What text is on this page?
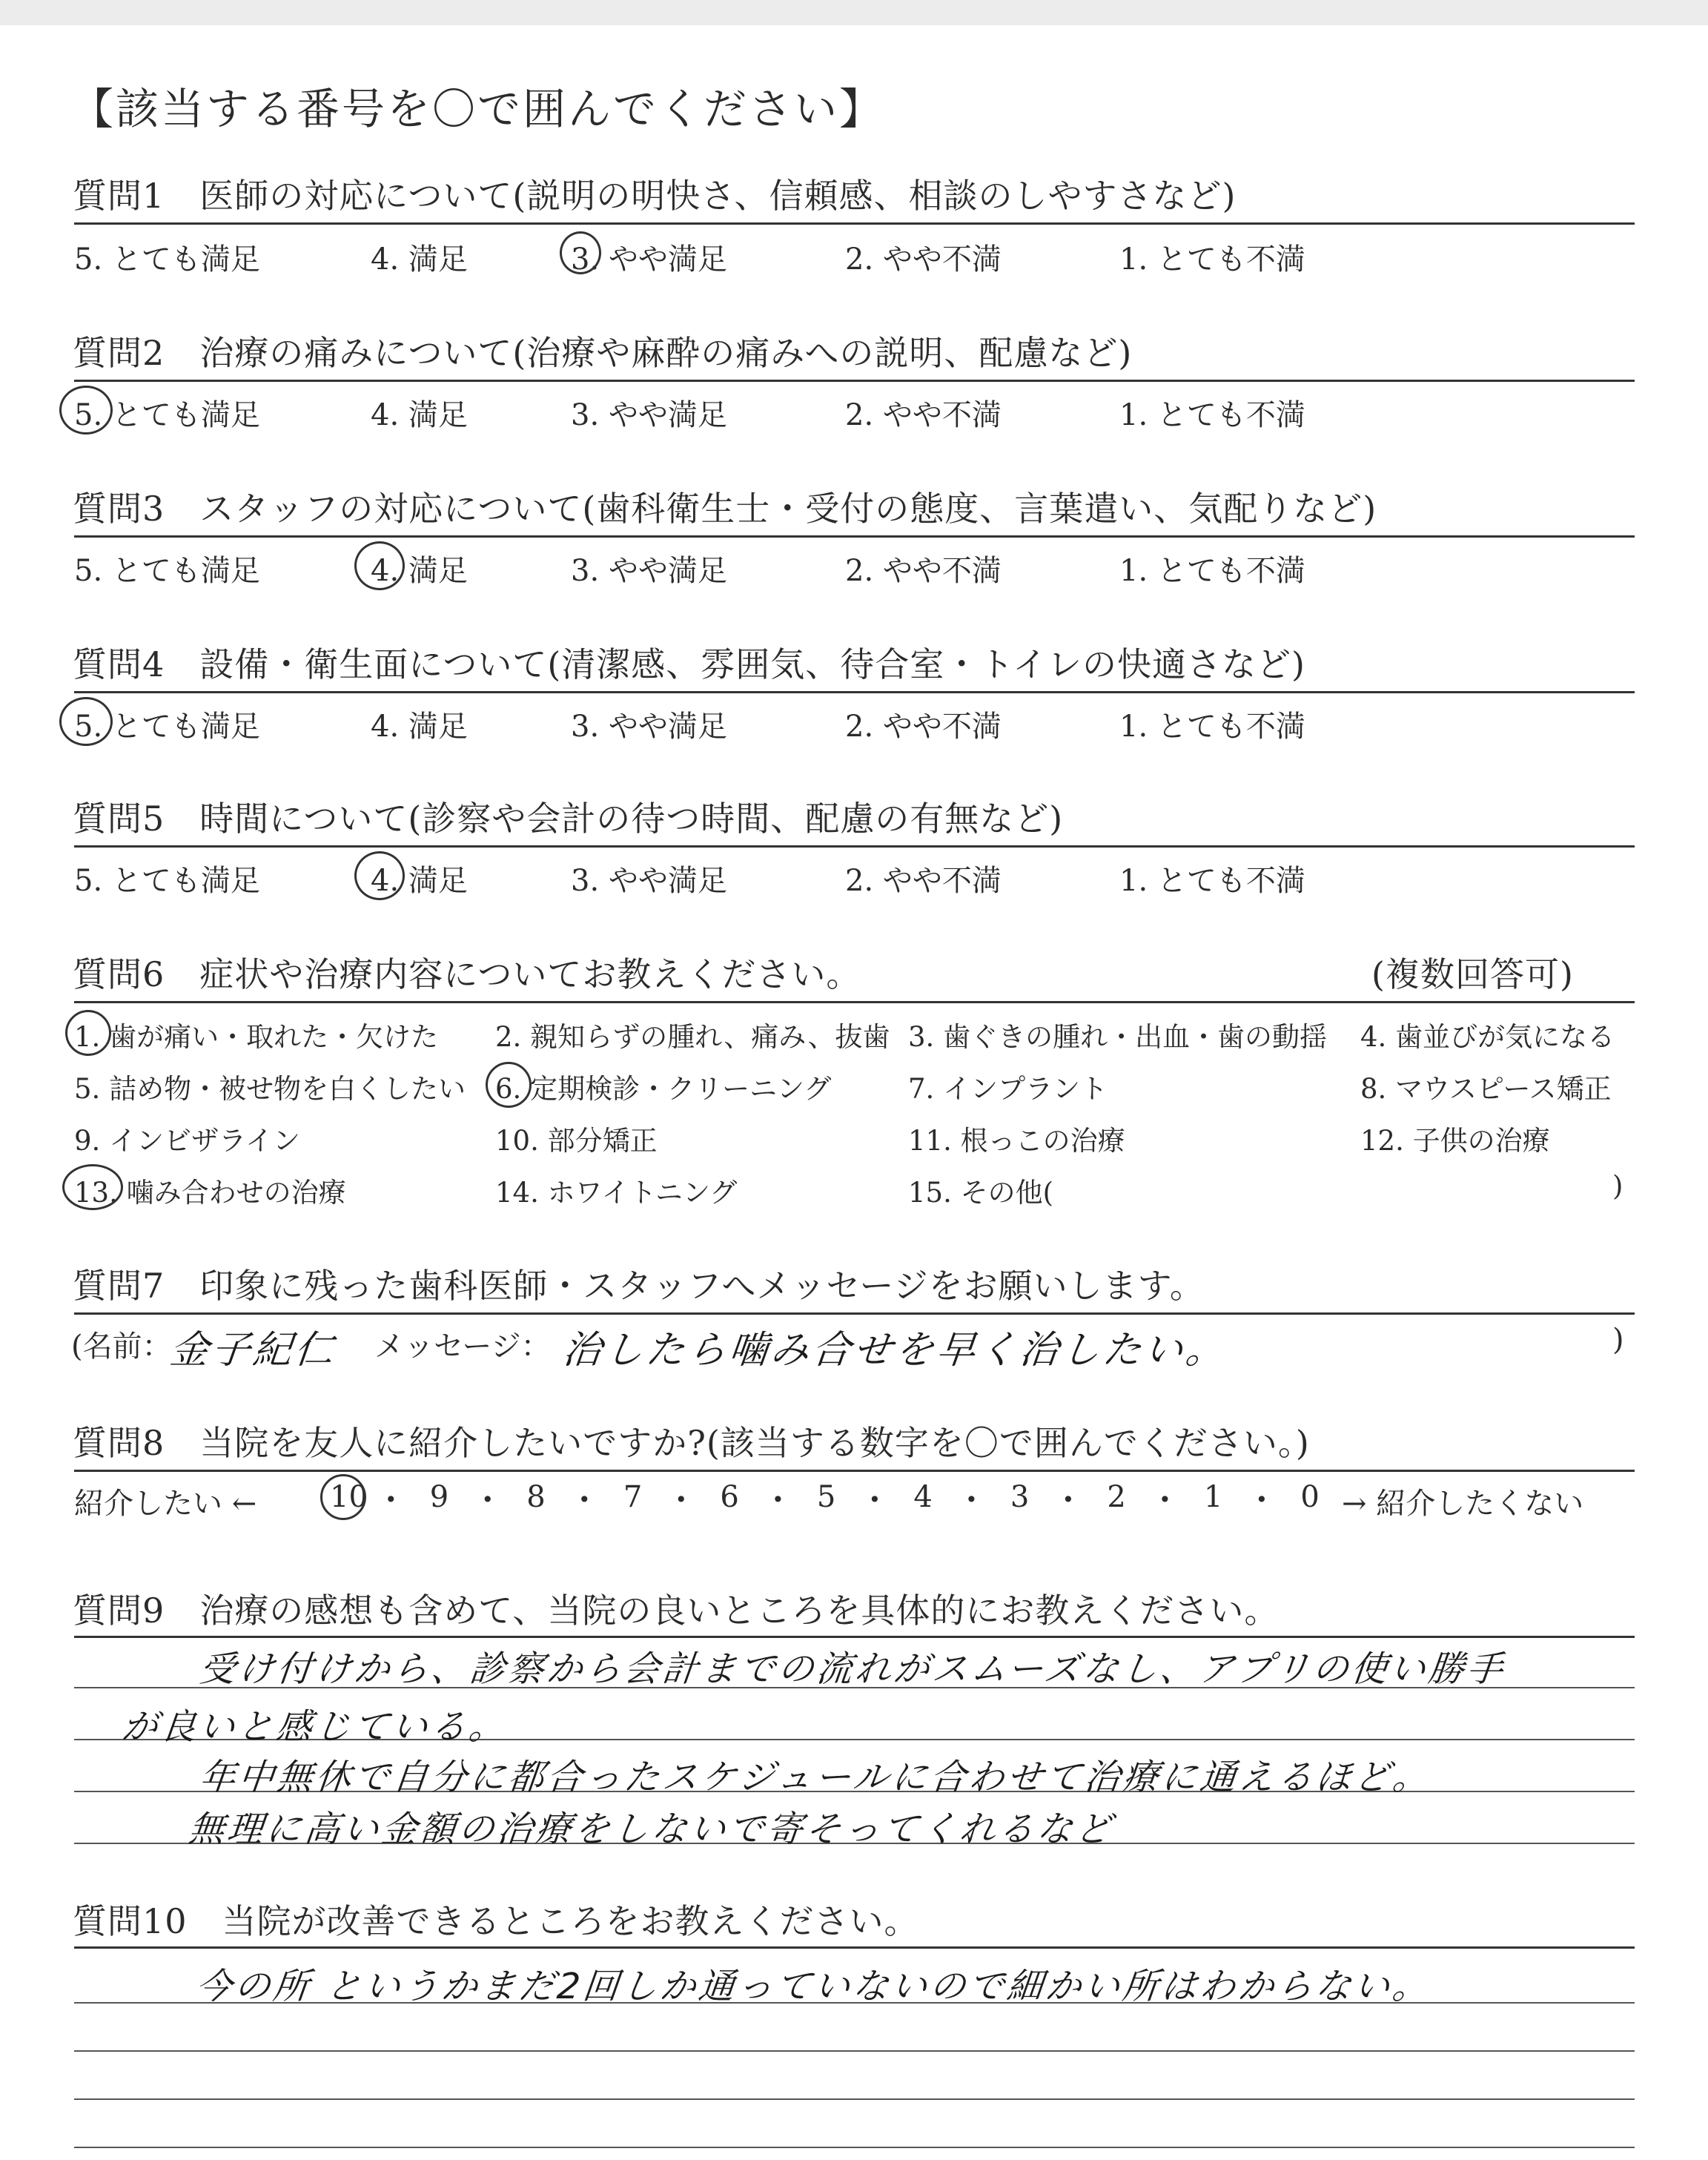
【該当する番号を〇で囲んでください】
質問1　医師の対応について(説明の明快さ、信頼感、相談のしやすさなど)
5. とても満足	4. 満足	3. やや満足	2. やや不満	1. とても不満
質問2　治療の痛みについて(治療や麻酔の痛みへの説明、配慮など)
5. とても満足	4. 満足	3. やや満足	2. やや不満	1. とても不満
質問3　スタッフの対応について(歯科衛生士・受付の態度、言葉遣い、気配りなど)
5. とても満足	4. 満足	3. やや満足	2. やや不満	1. とても不満
質問4　設備・衛生面について(清潔感、雰囲気、待合室・トイレの快適さなど)
5. とても満足	4. 満足	3. やや満足	2. やや不満	1. とても不満
質問5　時間について(診察や会計の待つ時間、配慮の有無など)
5. とても満足	4. 満足	3. やや満足	2. やや不満	1. とても不満
質問6　症状や治療内容についてお教えください。	(複数回答可)
1. 歯が痛い・取れた・欠けた 2. 親知らずの腫れ、痛み、抜歯 3. 歯ぐきの腫れ・出血・歯の動揺 4. 歯並びが気になる
5. 詰め物・被せ物を白くしたい 6. 定期検診・クリーニング	7. インプラント	8. マウスピース矯正
9. インビザライン	10. 部分矯正	11. 根っこの治療	12. 子供の治療
13. 噛み合わせの治療	14. ホワイトニング	15. その他(	)
質問7　印象に残った歯科医師・スタッフへメッセージをお願いします。
(名前：
金子紀仁 メッセージ： 治したら噛み合せを早く治したい。	)
質問8　当院を友人に紹介したいですか?(該当する数字を〇で囲んでください。)
紹介したい ← 10 • 9 • 8 • 7 • 6 • 5 • 4 • 3 • 2 • 1 • 0 → 紹介したくない
質問9　治療の感想も含めて、当院の良いところを具体的にお教えください。
受け付けから、診察から会計までの流れがスムーズなし、アプリの使い勝手
が良いと感じている。
年中無休で自分に都合ったスケジュールに合わせて治療に通えるほど。
無理に高い金額の治療をしないで寄そってくれるなど
質問10　当院が改善できるところをお教えください。
今の所 というかまだ2回しか通っていないので細かい所はわからない。
